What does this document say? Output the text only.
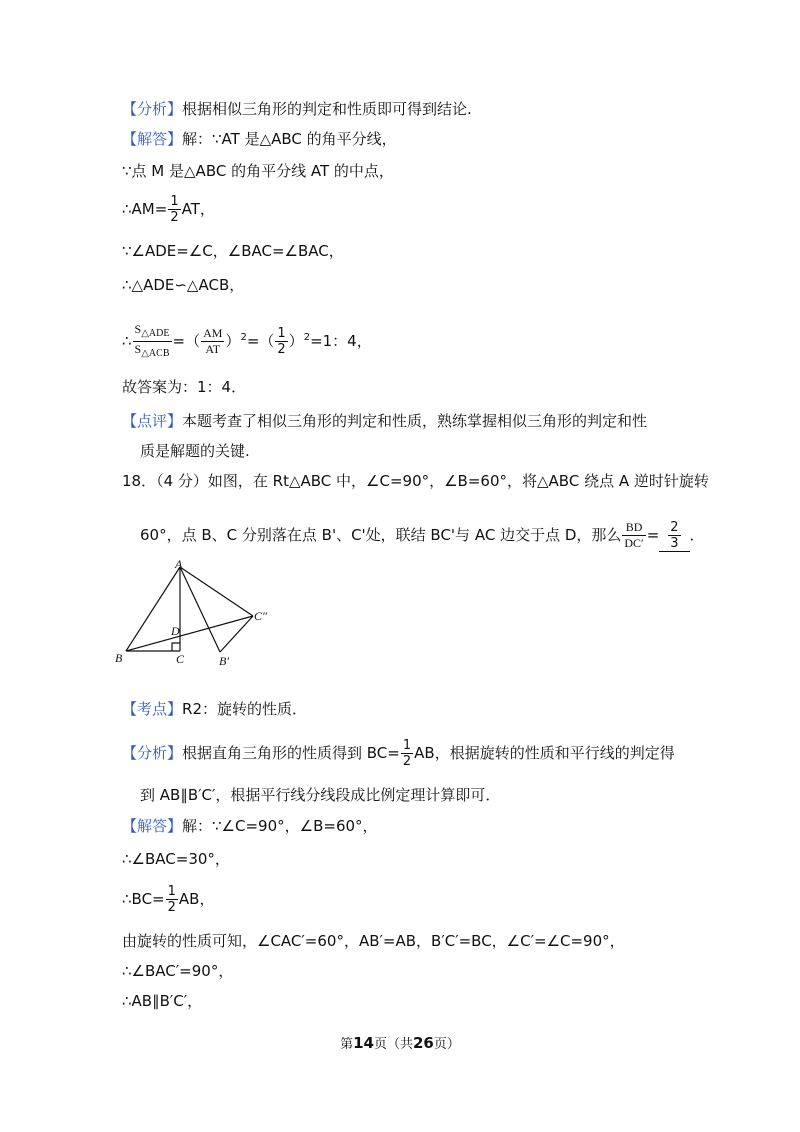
【分析】根据相似三角形的判定和性质即可得到结论.
【解答】解：∵AT 是△ABC 的角平分线，
∵点 M 是△ABC 的角平分线 AT 的中点，
∴AM= $\frac{1}{2}$ AT，
∵∠ADE=∠C，∠BAC=∠BAC，
∴△ADE∽△ACB，
∴ $\frac{S_{\triangle ADE}}{S_{\triangle ACB}}$ =（ $\frac{AM}{AT} )^2=( \frac{1}{2} )^2=1$：4，
故答案为：1：4．
【点评】本题考查了相似三角形的判定和性质，熟练掌握相似三角形的判定和性
质是解题的关键.
18．（4 分）如图，在 Rt△ABC 中，∠C=90°，∠B=60°，将△ABC 绕点 A 逆时针旋转
60°，点 B、C 分别落在点 B'、C'处，联结 BC'与 AC 边交于点 D，那么 $\frac{BD}{DC'} = \frac{2}{3}$ ．
A
B	C
D
B′
C″
【考点】R2：旋转的性质．
【分析】根据直角三角形的性质得到 $BC= \frac{1}{2}$ AB，根据旋转的性质和平行线的判定得
到 AB∥B′C′，根据平行线分线段成比例定理计算即可．
【解答】解：∵∠C=90°，∠B=60°，
∴∠BAC=30°，
∴BC= $\frac{1}{2}$ AB，
由旋转的性质可知，∠CAC′=60°，AB′=AB，B′C′=BC，∠C′=∠C=90°，
∴∠BAC′=90°，
∴AB∥B′C′，
第14页（共26页）
